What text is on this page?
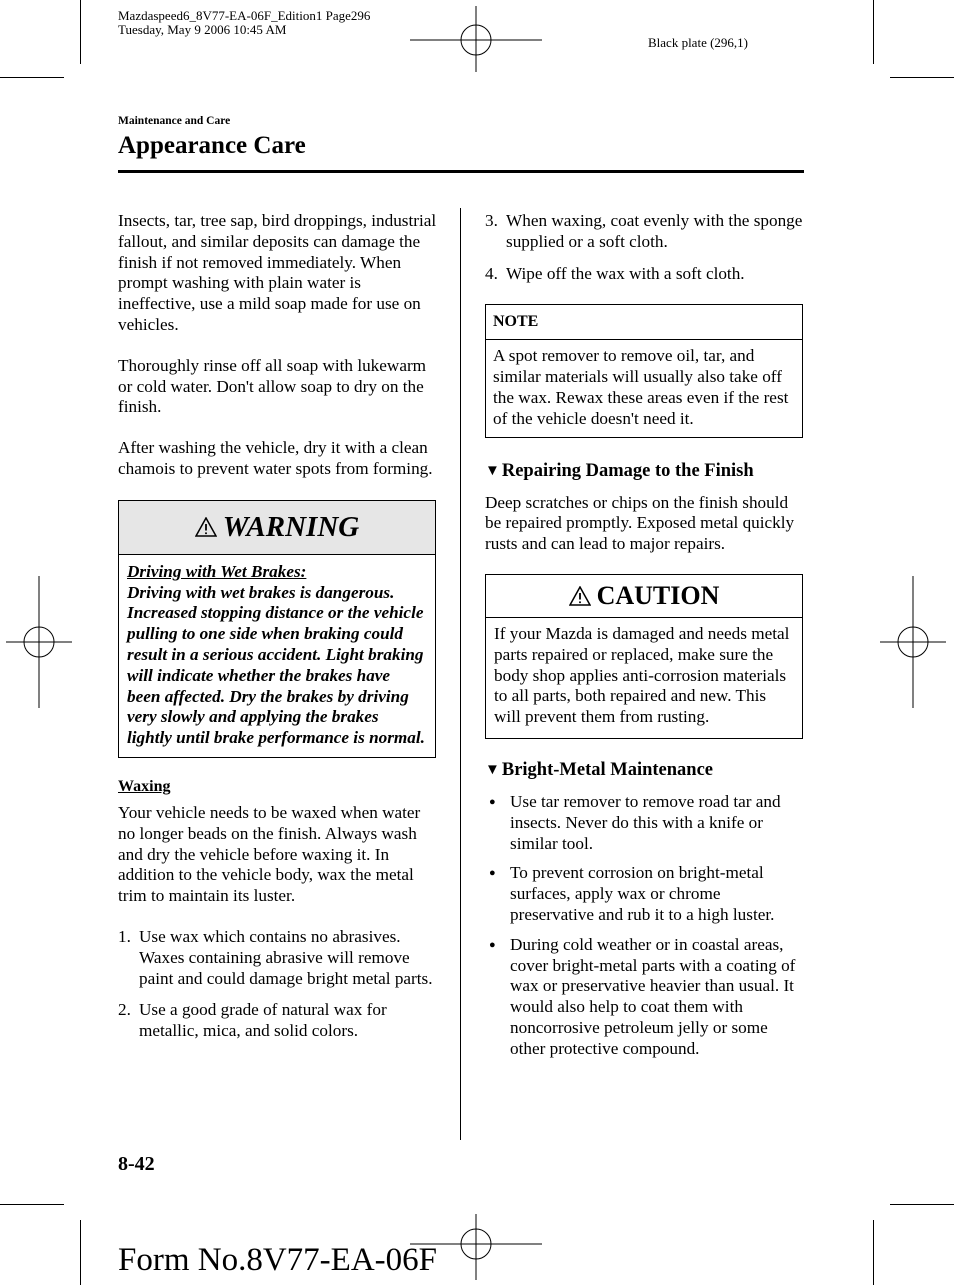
Mazdaspeed6_8V77-EA-06F_Edition1 Page296
Tuesday, May 9 2006 10:45 AM
Black plate (296,1)
Maintenance and Care
Appearance Care

Insects, tar, tree sap, bird droppings, industrial fallout, and similar deposits can damage the finish if not removed immediately. When prompt washing with plain water is ineffective, use a mild soap made for use on vehicles.

Thoroughly rinse off all soap with lukewarm or cold water. Don't allow soap to dry on the finish.

After washing the vehicle, dry it with a clean chamois to prevent water spots from forming.

WARNING
Driving with Wet Brakes:
Driving with wet brakes is dangerous. Increased stopping distance or the vehicle pulling to one side when braking could result in a serious accident. Light braking will indicate whether the brakes have been affected. Dry the brakes by driving very slowly and applying the brakes lightly until brake performance is normal.
Waxing

Your vehicle needs to be waxed when water no longer beads on the finish. Always wash and dry the vehicle before waxing it. In addition to the vehicle body, wax the metal trim to maintain its luster.

1. Use wax which contains no abrasives. Waxes containing abrasive will remove paint and could damage bright metal parts.
2. Use a good grade of natural wax for metallic, mica, and solid colors.
3. When waxing, coat evenly with the sponge supplied or a soft cloth.
4. Wipe off the wax with a soft cloth.
NOTE
A spot remover to remove oil, tar, and similar materials will usually also take off the wax. Rewax these areas even if the rest of the vehicle doesn't need it.
▼ Repairing Damage to the Finish

Deep scratches or chips on the finish should be repaired promptly. Exposed metal quickly rusts and can lead to major repairs.

CAUTION
If your Mazda is damaged and needs metal parts repaired or replaced, make sure the body shop applies anti-corrosion materials to all parts, both repaired and new. This will prevent them from rusting.
▼ Bright-Metal Maintenance
● Use tar remover to remove road tar and insects. Never do this with a knife or similar tool.
● To prevent corrosion on bright-metal surfaces, apply wax or chrome preservative and rub it to a high luster.
● During cold weather or in coastal areas, cover bright-metal parts with a coating of wax or preservative heavier than usual. It would also help to coat them with noncorrosive petroleum jelly or some other protective compound.
8-42
Form No.8V77-EA-06F
